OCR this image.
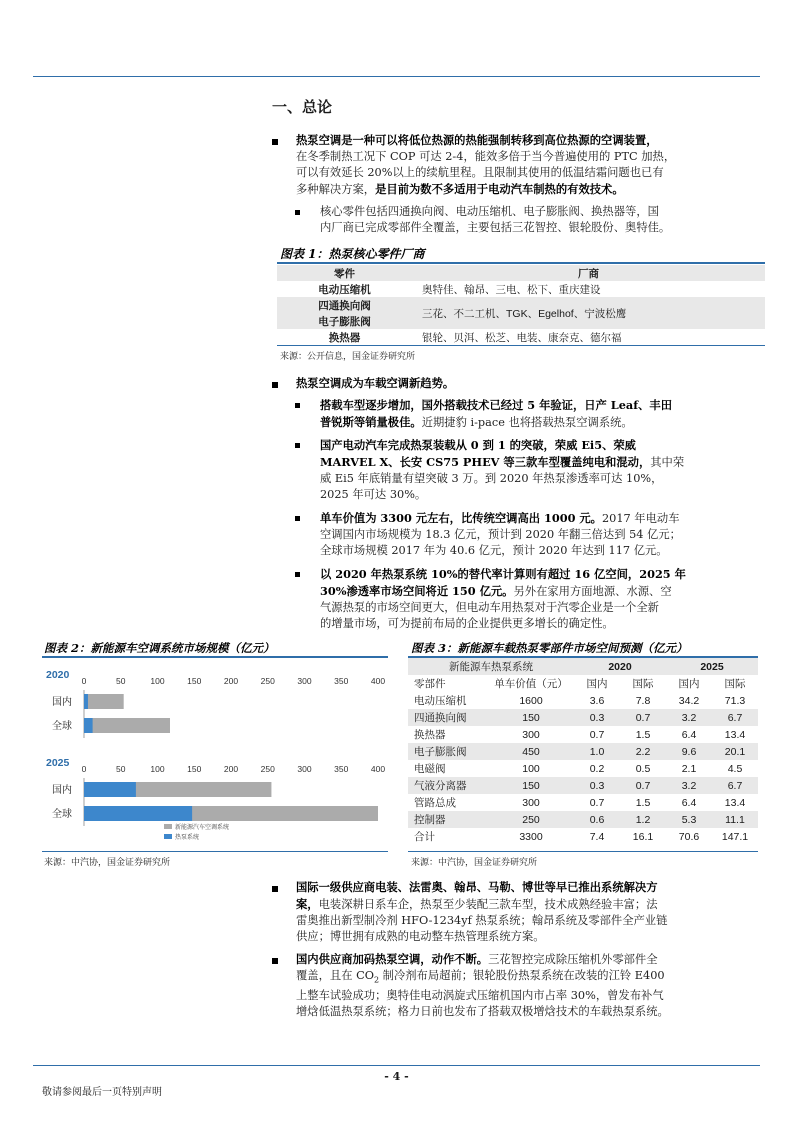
一、总论
热泵空调是一种可以将低位热源的热能强制转移到高位热源的空调装置，
在冬季制热工况下 COP 可达 2-4，能效多倍于当今普遍使用的 PTC 加热，
可以有效延长 20%以上的续航里程。且限制其使用的低温结霜问题也已有
多种解决方案，是目前为数不多适用于电动汽车制热的有效技术。
核心零件包括四通换向阀、电动压缩机、电子膨胀阀、换热器等，国
内厂商已完成零部件全覆盖，主要包括三花智控、银轮股份、奥特佳。
图表 1：热泵核心零件厂商
零件	厂商
电动压缩机	奥特佳、翰昂、三电、松下、重庆建设
四通换向阀	三花、不二工机、TGK、Egelhof、宁波松鹰
电子膨胀阀	
换热器	银轮、贝洱、松芝、电装、康奈克、德尔福
来源：公开信息，国金证券研究所
热泵空调成为车载空调新趋势。
搭载车型逐步增加，国外搭载技术已经过 5 年验证，日产 Leaf、丰田
普锐斯等销量极佳。近期捷豹 i-pace 也将搭载热泵空调系统。
国产电动汽车完成热泵装载从 0 到 1 的突破，荣威 Ei5、荣威
MARVEL X、长安 CS75 PHEV 等三款车型覆盖纯电和混动，其中荣
威 Ei5 年底销量有望突破 3 万。到 2020 年热泵渗透率可达 10%，
2025 年可达 30%。
单车价值为 3300 元左右，比传统空调高出 1000 元。2017 年电动车
空调国内市场规模为 18.3 亿元，预计到 2020 年翻三倍达到 54 亿元；
全球市场规模 2017 年为 40.6 亿元，预计 2020 年达到 117 亿元。
以 2020 年热泵系统 10%的替代率计算则有超过 16 亿空间，2025 年
30%渗透率市场空间将近 150 亿元。另外在家用方面地源、水源、空
气源热泵的市场空间更大，但电动车用热泵对于汽零企业是一个全新
的增量市场，可为提前布局的企业提供更多增长的确定性。
图表 2：新能源车空调系统市场规模（亿元）
2020 0	50	100	150	200	250	300	350	400
国内
全球
2025 0	50	100	150	200	250	300	350	400
国内
全球
新能源汽车空调系统
热泵系统
来源：中汽协，国金证券研究所
图表 3：新能源车载热泵零部件市场空间预测（亿元）
新能源车热泵系统		2020		2025	
零部件	单车价值（元）	国内	国际	国内	国际
电动压缩机	1600	3.6	7.8	34.2	71.3
四通换向阀	150	0.3	0.7	3.2	6.7
换热器	300	0.7	1.5	6.4	13.4
电子膨胀阀	450	1.0	2.2	9.6	20.1
电磁阀	100	0.2	0.5	2.1	4.5
气液分离器	150	0.3	0.7	3.2	6.7
管路总成	300	0.7	1.5	6.4	13.4
控制器	250	0.6	1.2	5.3	11.1
合计	3300	7.4	16.1	70.6	147.1
来源：中汽协，国金证券研究所
国际一级供应商电装、法雷奥、翰昂、马勒、博世等早已推出系统解决方
案，电装深耕日系车企，热泵至少装配三款车型，技术成熟经验丰富；法
雷奥推出新型制冷剂 HFO-1234yf 热泵系统；翰昂系统及零部件全产业链
供应；博世拥有成熟的电动整车热管理系统方案。
国内供应商加码热泵空调，动作不断。三花智控完成除压缩机外零部件全
覆盖，且在 $CO_2$ 制冷剂布局超前；银轮股份热泵系统在改装的江铃 E400
上整车试验成功；奥特佳电动涡旋式压缩机国内市占率 30%，曾发布补气
增焓低温热泵系统；格力日前也发布了搭载双极增焓技术的车载热泵系统。
- 4 -
敬请参阅最后一页特别声明
